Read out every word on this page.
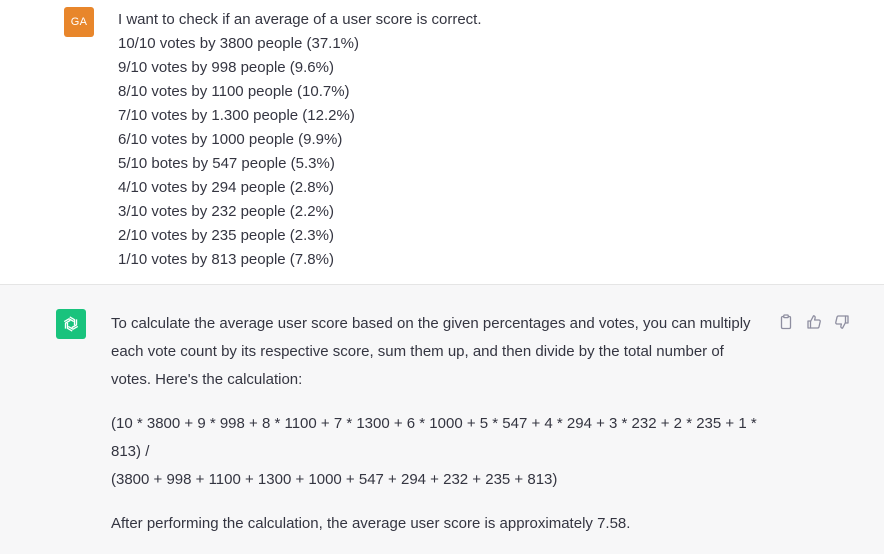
GA	I want to check if an average of a user score is correct.
10/10 votes by 3800 people (37.1%)
9/10 votes by 998 people (9.6%)
8/10 votes by 1100 people (10.7%)
7/10 votes by 1.300 people (12.2%)
6/10 votes by 1000 people (9.9%)
5/10 botes by 547 people (5.3%)
4/10 votes by 294 people (2.8%)
3/10 votes by 232 people (2.2%)
2/10 votes by 235 people (2.3%)
1/10 votes by 813 people (7.8%)

To calculate the average user score based on the given percentages and votes, you can multiply each vote count by its respective score, sum them up, and then divide by the total number of votes. Here's the calculation:

(10 * 3800 + 9 * 998 + 8 * 1100 + 7 * 1300 + 6 * 1000 + 5 * 547 + 4 * 294 + 3 * 232 + 2 * 235 + 1 * 813) /

(3800 + 998 + 1100 + 1300 + 1000 + 547 + 294 + 232 + 235 + 813)

After performing the calculation, the average user score is approximately 7.58.
